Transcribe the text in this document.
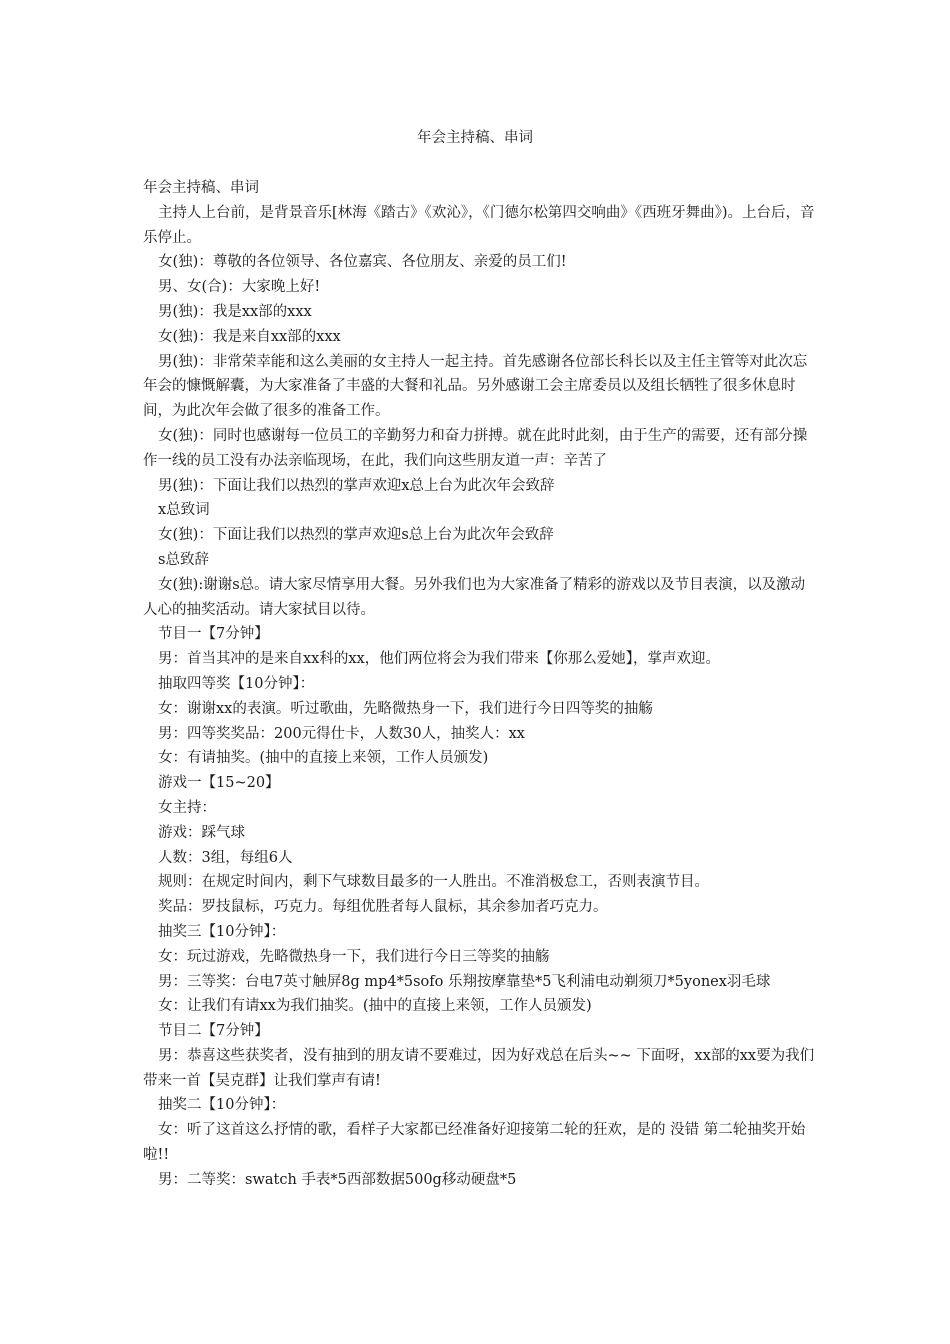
年会主持稿、串词

年会主持稿、串词

主持人上台前，是背景音乐[林海《踏古》《欢沁》，《门德尔松第四交响曲》《西班牙舞曲》)。上台后，音乐停止。

女(独)：尊敬的各位领导、各位嘉宾、各位朋友、亲爱的员工们!

男、女(合)：大家晚上好!

男(独)：我是xx部的xxx

女(独)：我是来自xx部的xxx

男(独)：非常荣幸能和这么美丽的女主持人一起主持。首先感谢各位部长科长以及主任主管等对此次忘年会的慷慨解囊，为大家准备了丰盛的大餐和礼品。另外感谢工会主席委员以及组长牺牲了很多休息时间，为此次年会做了很多的准备工作。

女(独)：同时也感谢每一位员工的辛勤努力和奋力拼搏。就在此时此刻，由于生产的需要，还有部分操作一线的员工没有办法亲临现场，在此，我们向这些朋友道一声：辛苦了

男(独)：下面让我们以热烈的掌声欢迎x总上台为此次年会致辞

x总致词

女(独)：下面让我们以热烈的掌声欢迎s总上台为此次年会致辞

s总致辞

女(独):谢谢s总。请大家尽情享用大餐。另外我们也为大家准备了精彩的游戏以及节目表演，以及激动人心的抽奖活动。请大家拭目以待。

节目一【7分钟】

男：首当其冲的是来自xx科的xx，他们两位将会为我们带来【你那么爱她】，掌声欢迎。

抽取四等奖【10分钟】：

女：谢谢xx的表演。听过歌曲，先略微热身一下，我们进行今日四等奖的抽觞

男：四等奖奖品：200元得仕卡，人数30人，抽奖人：xx

女：有请抽奖。(抽中的直接上来领，工作人员颁发)

游戏一【15~20】

女主持：

游戏：踩气球

人数：3组，每组6人

规则：在规定时间内，剩下气球数目最多的一人胜出。不准消极怠工，否则表演节目。

奖品：罗技鼠标，巧克力。每组优胜者每人鼠标，其余参加者巧克力。

抽奖三【10分钟】：

女：玩过游戏，先略微热身一下，我们进行今日三等奖的抽觞

男：三等奖：台电7英寸触屏8g mp4*5sofo 乐翔按摩靠垫*5飞利浦电动剃须刀*5yonex羽毛球

女：让我们有请xx为我们抽奖。(抽中的直接上来领，工作人员颁发)

节目二【7分钟】

男：恭喜这些获奖者，没有抽到的朋友请不要难过，因为好戏总在后头~~ 下面呀，xx部的xx要为我们带来一首【吴克群】让我们掌声有请!

抽奖二【10分钟】：

女：听了这首这么抒情的歌，看样子大家都已经准备好迎接第二轮的狂欢，是的 没错 第二轮抽奖开始啦!!

男：二等奖：swatch 手表*5西部数据500g移动硬盘*5
